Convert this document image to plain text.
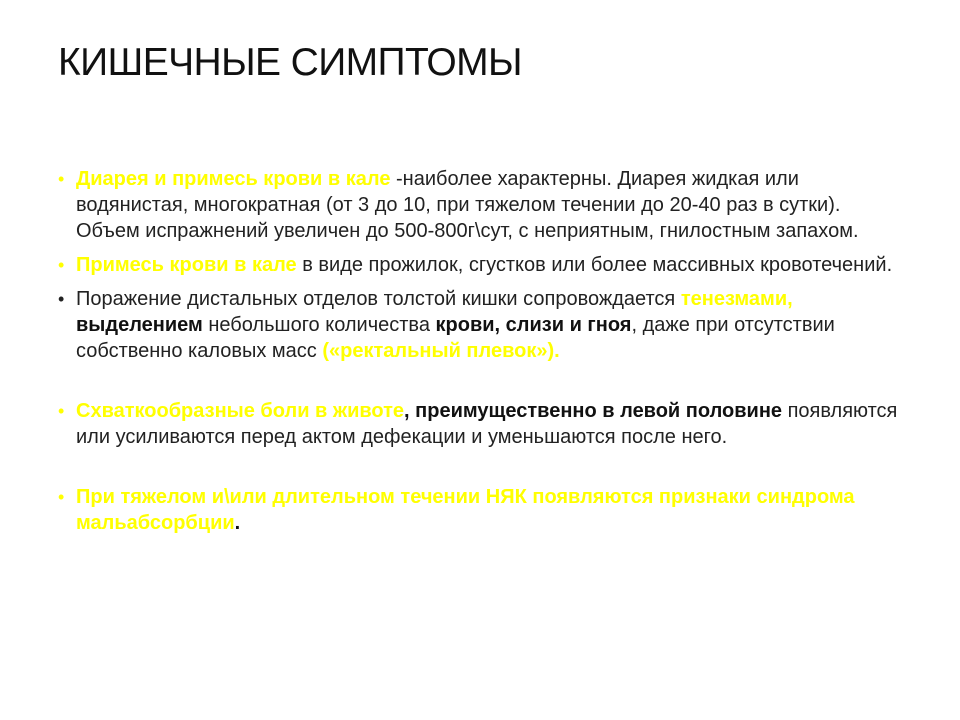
КИШЕЧНЫЕ СИМПТОМЫ
• Диарея и примесь крови в кале -наиболее характерны. Диарея жидкая или водянистая, многократная (от 3 до 10, при тяжелом течении до 20-40 раз в сутки). Объем испражнений увеличен до 500-800г\сут, с неприятным, гнилостным запахом.
• Примесь крови в кале в виде прожилок, сгустков или более массивных кровотечений.
• Поражение дистальных отделов толстой кишки сопровождается тенезмами, выделением небольшого количества крови, слизи и гноя, даже при отсутствии собственно каловых масс («ректальный плевок»).
• Схваткообразные боли в животе, преимущественно в левой половине появляются или усиливаются перед актом дефекации и уменьшаются после него.
• При тяжелом и\или длительном течении НЯК появляются признаки синдрома мальабсорбции.
